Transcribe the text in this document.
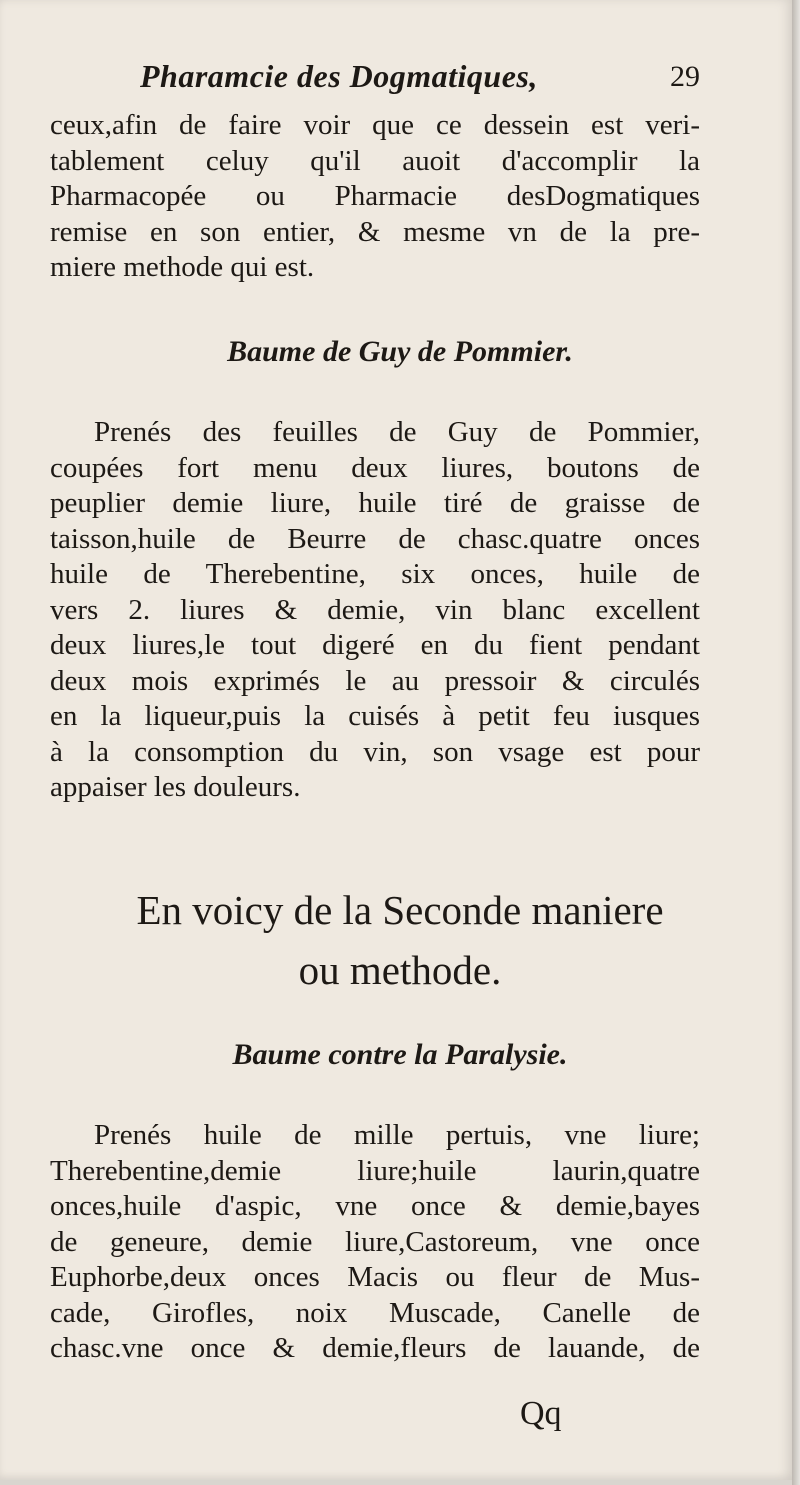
Pharamcie des Dogmatiques,	29
ceux,afin de faire voir que ce dessein est veri-
tablement celuy qu'il auoit d'accomplir la
Pharmacopée ou Pharmacie desDogmatiques
remise en son entier, & mesme vn de la pre-
miere methode qui est.
Baume de Guy de Pommier.
Prenés des feuilles de Guy de Pommier,
coupées fort menu deux liures, boutons de
peuplier demie liure, huile tiré de graisse de
taisson,huile de Beurre de chasc.quatre onces
huile de Therebentine, six onces, huile de
vers 2. liures & demie, vin blanc excellent
deux liures,le tout digeré en du fient pendant
deux mois exprimés le au pressoir & circulés
en la liqueur,puis la cuisés à petit feu iusques
à la consomption du vin, son vsage est pour
appaiser les douleurs.
En voicy de la Seconde maniere
ou methode.
Baume contre la Paralysie.
Prenés huile de mille pertuis, vne liure;
Therebentine,demie liure;huile laurin,quatre
onces,huile d'aspic, vne once & demie,bayes
de geneure, demie liure,Castoreum, vne once
Euphorbe,deux onces Macis ou fleur de Mus-
cade, Girofles, noix Muscade, Canelle de
chasc.vne once & demie,fleurs de lauande, de
Qq
